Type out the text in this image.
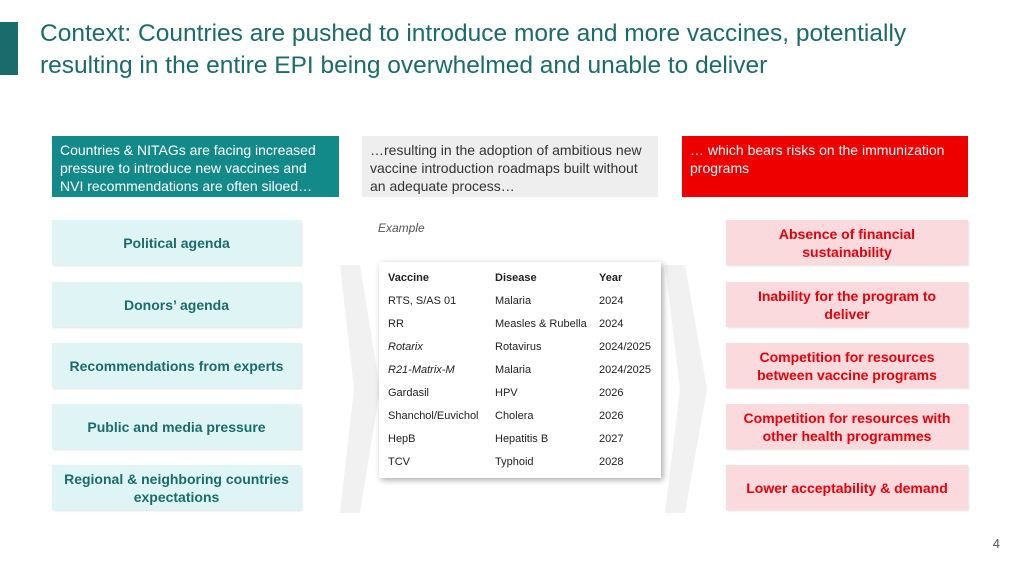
Context: Countries are pushed to introduce more and more vaccines, potentially resulting in the entire EPI being overwhelmed and unable to deliver
Countries & NITAGs are facing increased pressure to introduce new vaccines and NVI recommendations are often siloed…
…resulting in the adoption of ambitious new vaccine introduction roadmaps built without an adequate process…
… which bears risks on the immunization programs
Political agenda
Donors’ agenda
Recommendations from experts
Public and media pressure
Regional & neighboring countries expectations
Example
Vaccine	Disease	Year
RTS, S/AS 01	Malaria	2024
RR	Measles & Rubella	2024
Rotarix	Rotavirus	2024/2025
R21-Matrix-M	Malaria	2024/2025
Gardasil	HPV	2026
Shanchol/Euvichol	Cholera	2026
HepB	Hepatitis B	2027
TCV	Typhoid	2028
Absence of financial sustainability
Inability for the program to deliver
Competition for resources between vaccine programs
Competition for resources with other health programmes
Lower acceptability & demand
4
